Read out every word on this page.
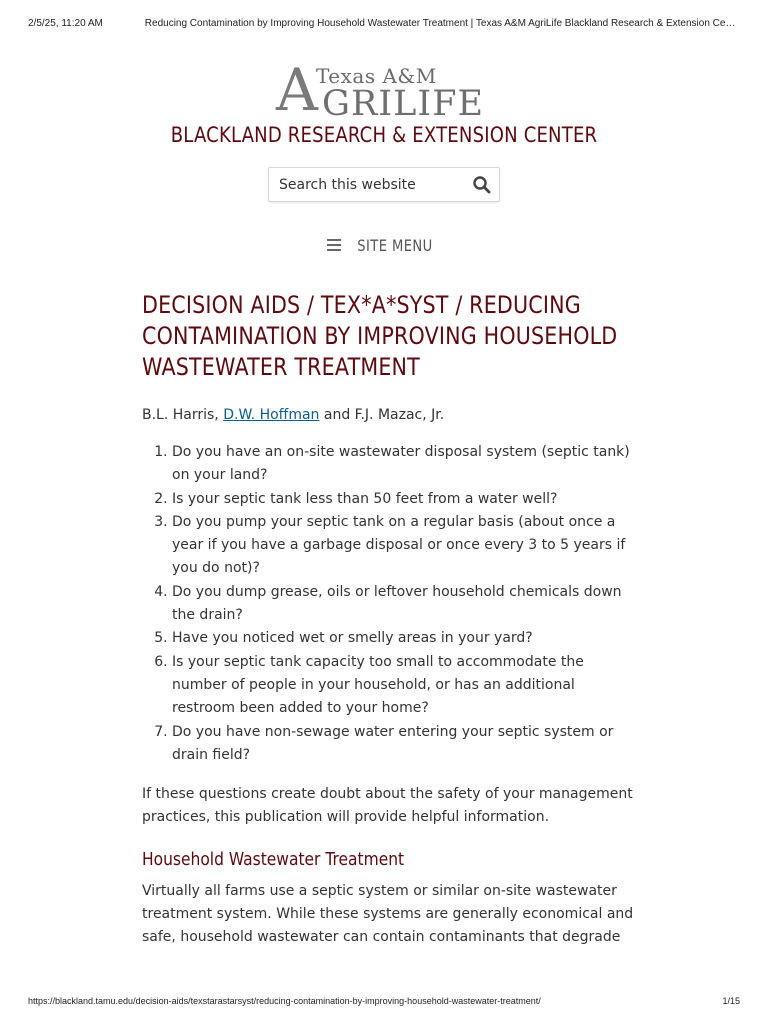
2/5/25, 11:20 AM	Reducing Contamination by Improving Household Wastewater Treatment | Texas A&M AgriLife Blackland Research & Extension Ce…
Texas A&M
A GRILIFE
BLACKLAND RESEARCH & EXTENSION CENTER
Search this website
SITE MENU
DECISION AIDS / TEX*A*SYST / REDUCING CONTAMINATION BY IMPROVING HOUSEHOLD WASTEWATER TREATMENT
B.L. Harris, D.W. Hoffman and F.J. Mazac, Jr.
1. Do you have an on-site wastewater disposal system (septic tank) on your land?
2. Is your septic tank less than 50 feet from a water well?
3. Do you pump your septic tank on a regular basis (about once a year if you have a garbage disposal or once every 3 to 5 years if you do not)?
4. Do you dump grease, oils or leftover household chemicals down the drain?
5. Have you noticed wet or smelly areas in your yard?
6. Is your septic tank capacity too small to accommodate the number of people in your household, or has an additional restroom been added to your home?
7. Do you have non-sewage water entering your septic system or drain field?

If these questions create doubt about the safety of your management practices, this publication will provide helpful information.

Household Wastewater Treatment

Virtually all farms use a septic system or similar on-site wastewater treatment system. While these systems are generally economical and safe, household wastewater can contain contaminants that degrade

https://blackland.tamu.edu/decision-aids/texstarastarsyst/reducing-contamination-by-improving-household-wastewater-treatment/	1/15
